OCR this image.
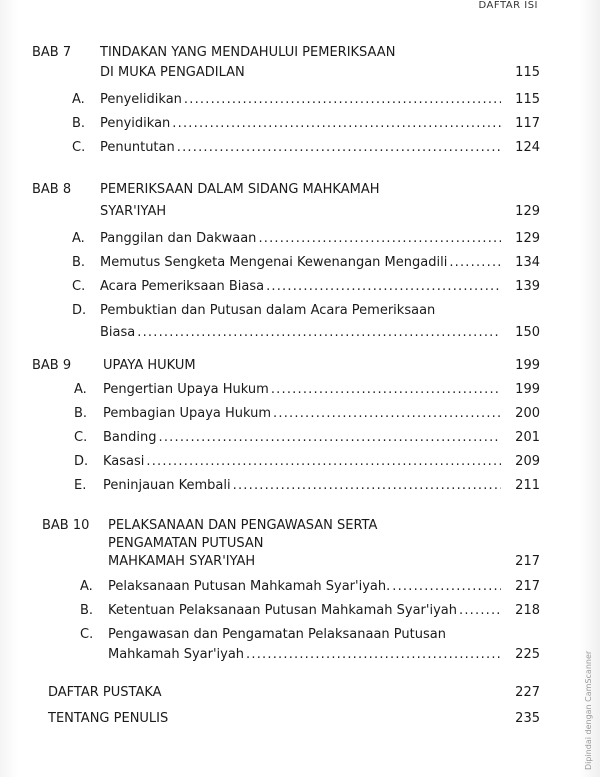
DAFTAR ISI
Dipindai dengan CamScanner
BAB 7 TINDAKAN YANG MENDAHULUI PEMERIKSAAN
DI MUKA PENGADILAN	115
A. Penyelidikan .....	115
B. Penyidikan .....	117
C. Penuntutan .....	124
BAB 8 PEMERIKSAAN DALAM SIDANG MAHKAMAH
SYAR'IYAH	129
A. Panggilan dan Dakwaan .....	129
B. Memutus Sengketa Mengenai Kewenangan Mengadili .....	134
C. Acara Pemeriksaan Biasa .....	139
D. Pembuktian dan Putusan dalam Acara Pemeriksaan
Biasa .....	150
BAB 9 UPAYA HUKUM	199
A. Pengertian Upaya Hukum .....	199
B. Pembagian Upaya Hukum .....	200
C. Banding .....	201
D. Kasasi .....	209
E. Peninjauan Kembali .....	211
BAB 10 PELAKSANAAN DAN PENGAWASAN SERTA
PENGAMATAN PUTUSAN
MAHKAMAH SYAR'IYAH	217
A. Pelaksanaan Putusan Mahkamah Syar'iyah. .....	217
B. Ketentuan Pelaksanaan Putusan Mahkamah Syar'iyah .....	218
C. Pengawasan dan Pengamatan Pelaksanaan Putusan
Mahkamah Syar'iyah .....	225
DAFTAR PUSTAKA	227
TENTANG PENULIS	235
